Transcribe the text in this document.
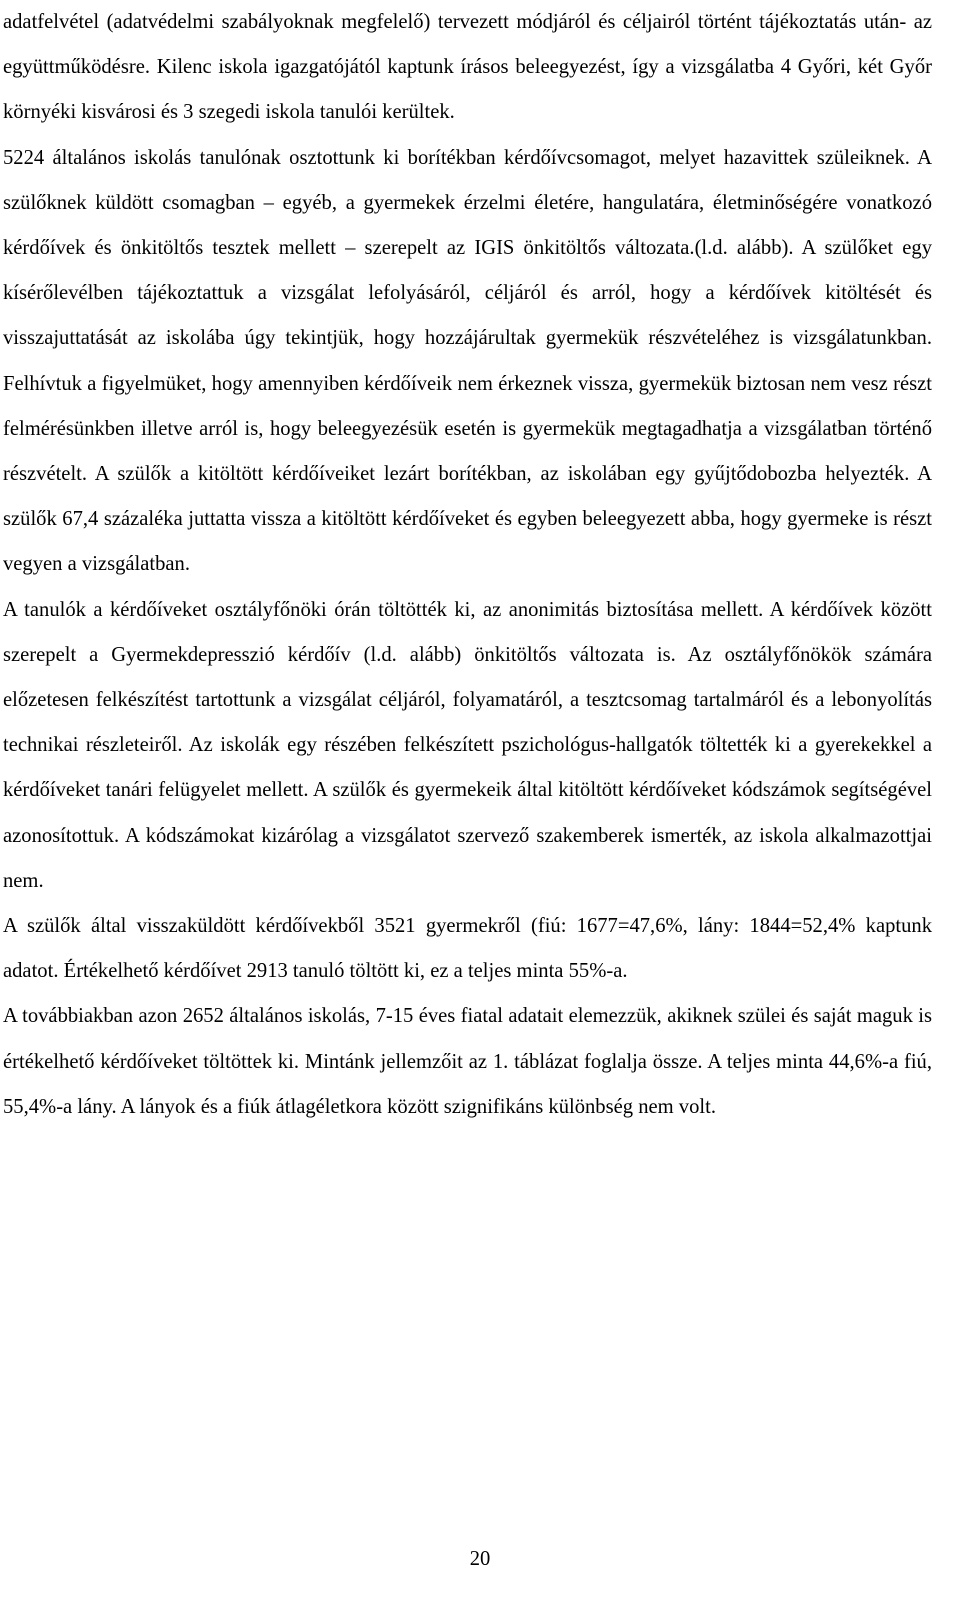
adatfelvétel (adatvédelmi szabályoknak megfelelő) tervezett módjáról és céljairól történt tájékoztatás után- az együttműködésre. Kilenc iskola igazgatójától kaptunk írásos beleegyezést, így a vizsgálatba 4 Győri, két Győr környéki kisvárosi és 3 szegedi iskola tanulói kerültek.

5224 általános iskolás tanulónak osztottunk ki borítékban kérdőívcsomagot, melyet hazavittek szüleiknek. A szülőknek küldött csomagban – egyéb, a gyermekek érzelmi életére, hangulatára, életminőségére vonatkozó kérdőívek és önkitöltős tesztek mellett – szerepelt az IGIS önkitöltős változata.(l.d. alább). A szülőket egy kísérőlevélben tájékoztattuk a vizsgálat lefolyásáról, céljáról és arról, hogy a kérdőívek kitöltését és visszajuttatását az iskolába úgy tekintjük, hogy hozzájárultak gyermekük részvételéhez is vizsgálatunkban. Felhívtuk a figyelmüket, hogy amennyiben kérdőíveik nem érkeznek vissza, gyermekük biztosan nem vesz részt felmérésünkben illetve arról is, hogy beleegyezésük esetén is gyermekük megtagadhatja a vizsgálatban történő részvételt. A szülők a kitöltött kérdőíveiket lezárt borítékban, az iskolában egy gyűjtődobozba helyezték. A szülők 67,4 százaléka juttatta vissza a kitöltött kérdőíveket és egyben beleegyezett abba, hogy gyermeke is részt vegyen a vizsgálatban.

A tanulók a kérdőíveket osztályfőnöki órán töltötték ki, az anonimitás biztosítása mellett. A kérdőívek között szerepelt a Gyermekdepresszió kérdőív (l.d. alább) önkitöltős változata is. Az osztályfőnökök számára előzetesen felkészítést tartottunk a vizsgálat céljáról, folyamatáról, a tesztcsomag tartalmáról és a lebonyolítás technikai részleteiről. Az iskolák egy részében felkészített pszichológus-hallgatók töltették ki a gyerekekkel a kérdőíveket tanári felügyelet mellett. A szülők és gyermekeik által kitöltött kérdőíveket kódszámok segítségével azonosítottuk. A kódszámokat kizárólag a vizsgálatot szervező szakemberek ismerték, az iskola alkalmazottjai nem.

A szülők által visszaküldött kérdőívekből 3521 gyermekről (fiú: 1677=47,6%, lány: 1844=52,4% kaptunk adatot. Értékelhető kérdőívet 2913 tanuló töltött ki, ez a teljes minta 55%-a.

A továbbiakban azon 2652 általános iskolás, 7-15 éves fiatal adatait elemezzük, akiknek szülei és saját maguk is értékelhető kérdőíveket töltöttek ki. Mintánk jellemzőit az 1. táblázat foglalja össze. A teljes minta 44,6%-a fiú, 55,4%-a lány. A lányok és a fiúk átlagéletkora között szignifikáns különbség nem volt.

20
